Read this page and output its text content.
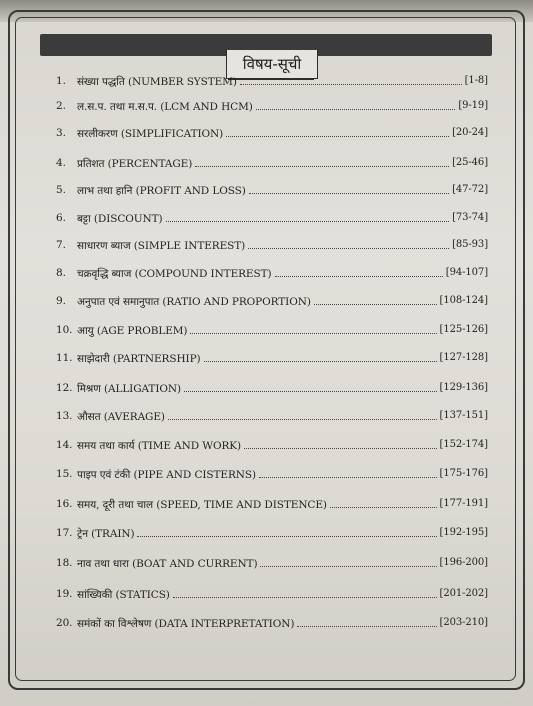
विषय-सूची
1. संख्या पद्धति (NUMBER SYSTEM)	[1-8]
2. ल.स.प. तथा म.स.प. (LCM AND HCM)	[9-19]
3. सरलीकरण (SIMPLIFICATION)	[20-24]
4. प्रतिशत (PERCENTAGE)	[25-46]
5. लाभ तथा हानि (PROFIT AND LOSS)	[47-72]
6. बट्टा (DISCOUNT)	[73-74]
7. साधारण ब्याज (SIMPLE INTEREST)	[85-93]
8. चक्रवृद्धि ब्याज (COMPOUND INTEREST)	[94-107]
9. अनुपात एवं समानुपात (RATIO AND PROPORTION)	[108-124]
10. आयु (AGE PROBLEM)	[125-126]
11. साझेदारी (PARTNERSHIP)	[127-128]
12. मिश्रण (ALLIGATION)	[129-136]
13. औसत (AVERAGE)	[137-151]
14. समय तथा कार्य (TIME AND WORK)	[152-174]
15. पाइप एवं टंकी (PIPE AND CISTERNS)	[175-176]
16. समय, दूरी तथा चाल (SPEED, TIME AND DISTENCE)	[177-191]
17. ट्रेन (TRAIN)	[192-195]
18. नाव तथा धारा (BOAT AND CURRENT)	[196-200]
19. सांख्यिकी (STATICS)	[201-202]
20. समंकों का विश्लेषण (DATA INTERPRETATION)	[203-210]
